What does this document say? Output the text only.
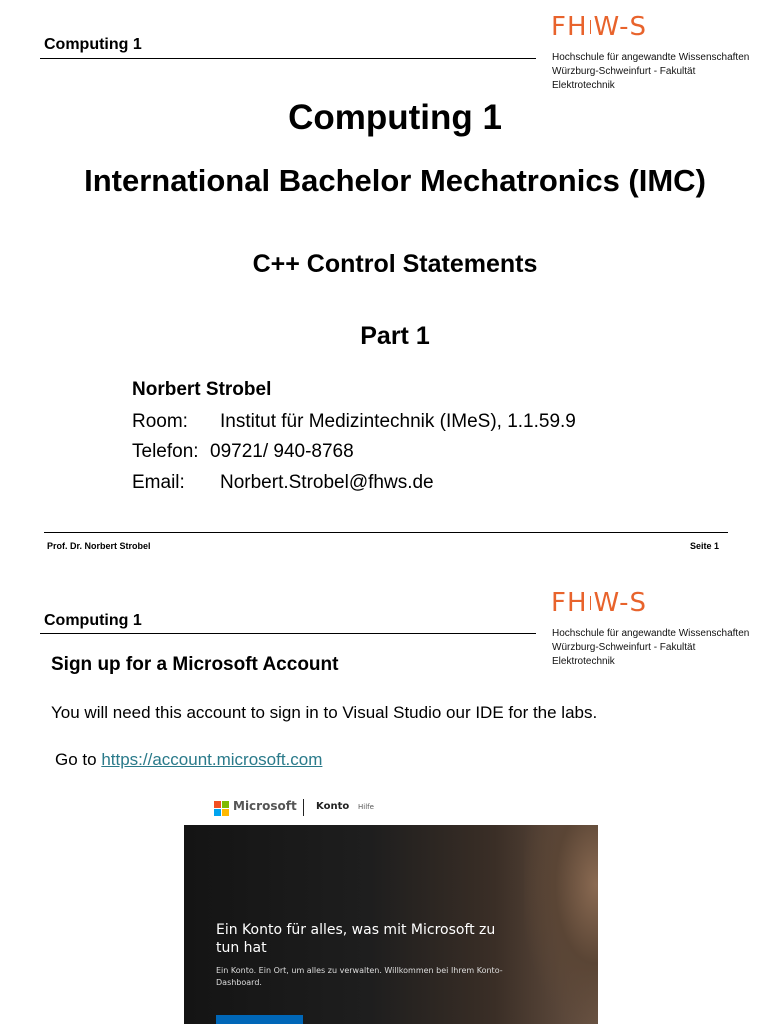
Computing 1
FH W-S
Hochschule für angewandte Wissenschaften
Würzburg-Schweinfurt - Fakultät
Elektrotechnik
Computing 1
International Bachelor Mechatronics (IMC)
C++ Control Statements
Part 1
Norbert Strobel
Room: Institut für Medizintechnik (IMeS), 1.1.59.9
Telefon: 09721/ 940-8768
Email: Norbert.Strobel@fhws.de
Prof. Dr. Norbert Strobel	Seite 1
Computing 1
FH W-S
Hochschule für angewandte Wissenschaften
Würzburg-Schweinfurt - Fakultät
Elektrotechnik
Sign up for a Microsoft Account
You will need this account to sign in to Visual Studio our IDE for the labs.
Go to https://account.microsoft.com
Microsoft Konto Hilfe
Ein Konto für alles, was mit Microsoft zu tun hat
Ein Konto. Ein Ort, um alles zu verwalten. Willkommen bei Ihrem Konto-Dashboard.
